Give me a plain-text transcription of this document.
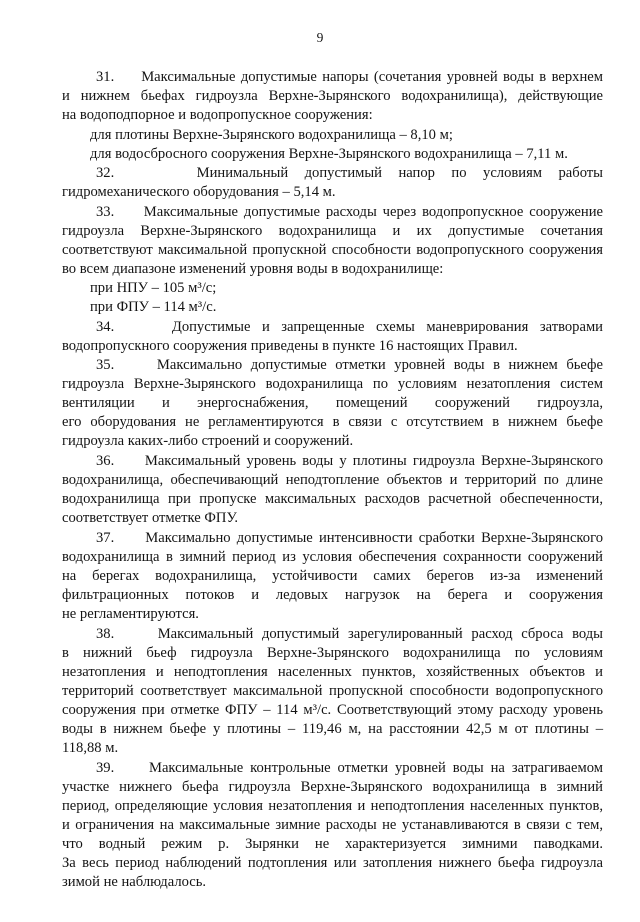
9
31.     Максимальные допустимые напоры (сочетания уровней воды в верхнем
и нижнем бьефах гидроузла Верхне-Зырянского водохранилища), действующие
на водоподпорное и водопропускное сооружения:
для плотины Верхне-Зырянского водохранилища – 8,10 м;
для водосбросного сооружения Верхне-Зырянского водохранилища – 7,11 м.
32.     Минимальный допустимый напор по условиям работы
гидромеханического оборудования – 5,14 м.
33.     Максимальные допустимые расходы через водопропускное сооружение
гидроузла Верхне-Зырянского водохранилища и их допустимые сочетания
соответствуют максимальной пропускной способности водопропускного сооружения
во всем диапазоне изменений уровня воды в водохранилище:
при НПУ – 105 м³/с;
при ФПУ – 114 м³/с.
34.     Допустимые и запрещенные схемы маневрирования затворами
водопропускного сооружения приведены в пункте 16 настоящих Правил.
35.     Максимально допустимые отметки уровней воды в нижнем бьефе
гидроузла Верхне-Зырянского водохранилища по условиям незатопления систем
вентиляции и энергоснабжения, помещений сооружений гидроузла,
его оборудования не регламентируются в связи с отсутствием в нижнем бьефе
гидроузла каких-либо строений и сооружений.
36.     Максимальный уровень воды у плотины гидроузла Верхне-Зырянского
водохранилища, обеспечивающий неподтопление объектов и территорий по длине
водохранилища при пропуске максимальных расходов расчетной обеспеченности,
соответствует отметке ФПУ.
37.     Максимально допустимые интенсивности сработки Верхне-Зырянского
водохранилища в зимний период из условия обеспечения сохранности сооружений
на берегах водохранилища, устойчивости самих берегов из-за изменений
фильтрационных потоков и ледовых нагрузок на берега и сооружения
не регламентируются.
38.     Максимальный допустимый зарегулированный расход сброса воды
в нижний бьеф гидроузла Верхне-Зырянского водохранилища по условиям
незатопления и неподтопления населенных пунктов, хозяйственных объектов и
территорий соответствует максимальной пропускной способности водопропускного
сооружения при отметке ФПУ – 114 м³/с. Соответствующий этому расходу уровень
воды в нижнем бьефе у плотины – 119,46 м, на расстоянии 42,5 м от плотины –
118,88 м.
39.     Максимальные контрольные отметки уровней воды на затрагиваемом
участке нижнего бьефа гидроузла Верхне-Зырянского водохранилища в зимний
период, определяющие условия незатопления и неподтопления населенных пунктов,
и ограничения на максимальные зимние расходы не устанавливаются в связи с тем,
что водный режим р. Зырянки не характеризуется зимними паводками.
За весь период наблюдений подтопления или затопления нижнего бьефа гидроузла
зимой не наблюдалось.
